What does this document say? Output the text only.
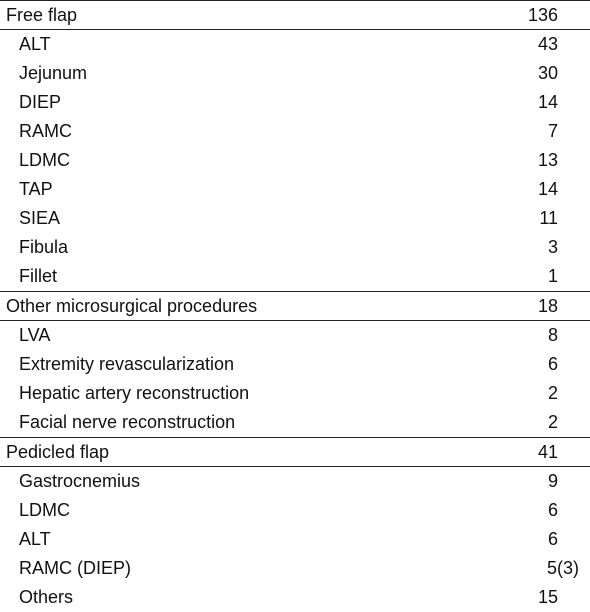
Free flap	136
ALT	43
Jejunum	30
DIEP	14
RAMC	7
LDMC	13
TAP	14
SIEA	11
Fibula	3
Fillet	1
Other microsurgical procedures	18
LVA	8
Extremity revascularization	6
Hepatic artery reconstruction	2
Facial nerve reconstruction	2
Pedicled flap	41
Gastrocnemius	9
LDMC	6
ALT	6
RAMC (DIEP)	5(3)
Others	15
